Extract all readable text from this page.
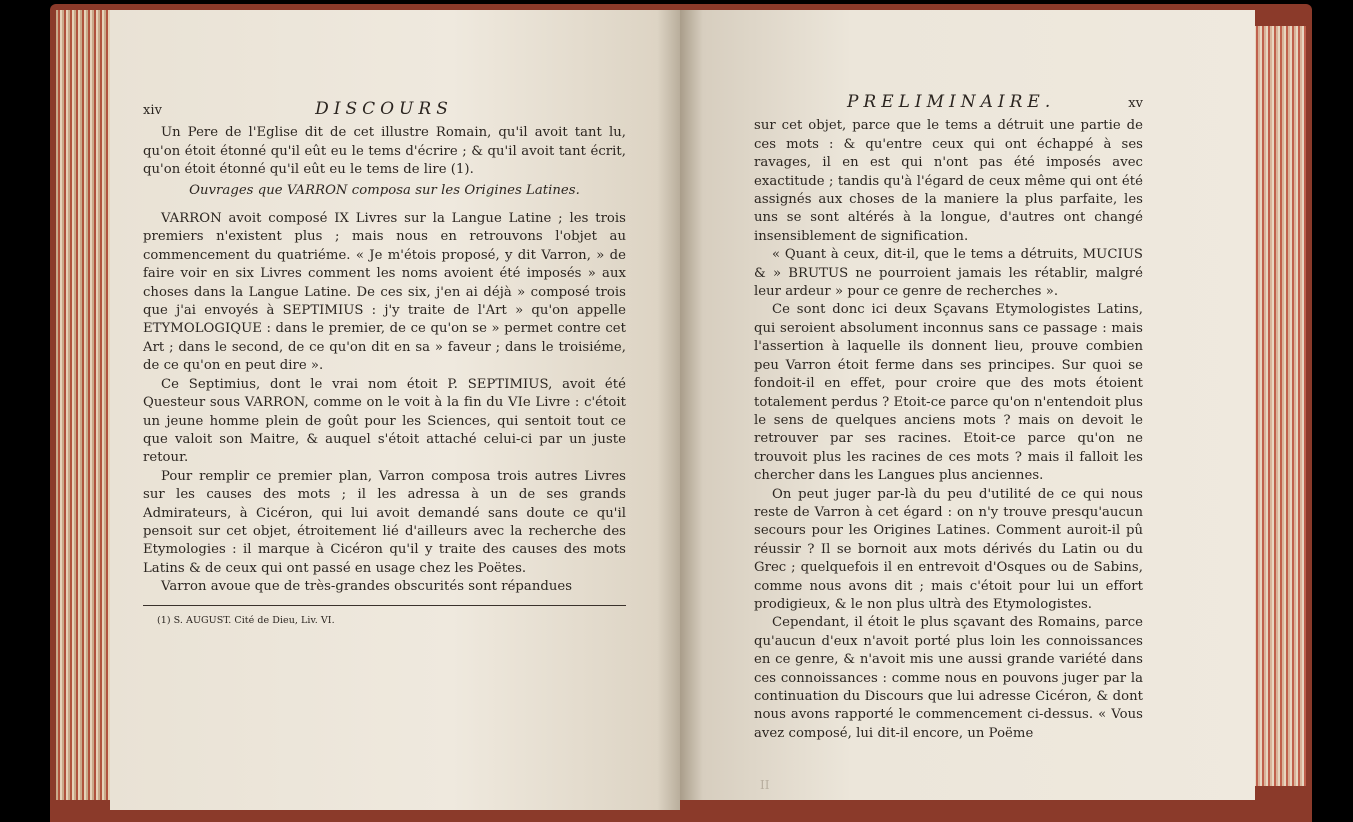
xiv	DISCOURS

Un Pere de l'Eglise dit de cet illustre Romain, qu'il avoit tant lu, qu'on étoit étonné qu'il eût eu le tems d'écrire ; & qu'il avoit tant écrit, qu'on étoit étonné qu'il eût eu le tems de lire (1).

Ouvrages que VARRON composa sur les Origines Latines.

VARRON avoit composé IX Livres sur la Langue Latine ; les trois premiers n'existent plus ; mais nous en retrouvons l'objet au commencement du quatriéme. « Je m'étois proposé, y dit Varron, » de faire voir en six Livres comment les noms avoient été imposés » aux choses dans la Langue Latine. De ces six, j'en ai déjà » composé trois que j'ai envoyés à SEPTIMIUS : j'y traite de l'Art » qu'on appelle ETYMOLOGIQUE : dans le premier, de ce qu'on se » permet contre cet Art ; dans le second, de ce qu'on dit en sa » faveur ; dans le troisiéme, de ce qu'on en peut dire ».

Ce Septimius, dont le vrai nom étoit P. SEPTIMIUS, avoit été Questeur sous VARRON, comme on le voit à la fin du VIe Livre : c'étoit un jeune homme plein de goût pour les Sciences, qui sentoit tout ce que valoit son Maitre, & auquel s'étoit attaché celui-ci par un juste retour.

Pour remplir ce premier plan, Varron composa trois autres Livres sur les causes des mots ; il les adressa à un de ses grands Admirateurs, à Cicéron, qui lui avoit demandé sans doute ce qu'il pensoit sur cet objet, étroitement lié d'ailleurs avec la recherche des Etymologies : il marque à Cicéron qu'il y traite des causes des mots Latins & de ceux qui ont passé en usage chez les Poëtes.

Varron avoue que de très-grandes obscurités sont répandues

(1) S. AUGUST. Cité de Dieu, Liv. VI.

PRELIMINAIRE.	xv

sur cet objet, parce que le tems a détruit une partie de ces mots : & qu'entre ceux qui ont échappé à ses ravages, il en est qui n'ont pas été imposés avec exactitude ; tandis qu'à l'égard de ceux même qui ont été assignés aux choses de la maniere la plus parfaite, les uns se sont altérés à la longue, d'autres ont changé insensiblement de signification.

« Quant à ceux, dit-il, que le tems a détruits, MUCIUS & » BRUTUS ne pourroient jamais les rétablir, malgré leur ardeur » pour ce genre de recherches ».

Ce sont donc ici deux Sçavans Etymologistes Latins, qui seroient absolument inconnus sans ce passage : mais l'assertion à laquelle ils donnent lieu, prouve combien peu Varron étoit ferme dans ses principes. Sur quoi se fondoit-il en effet, pour croire que des mots étoient totalement perdus ? Etoit-ce parce qu'on n'entendoit plus le sens de quelques anciens mots ? mais on devoit le retrouver par ses racines. Etoit-ce parce qu'on ne trouvoit plus les racines de ces mots ? mais il falloit les chercher dans les Langues plus anciennes.

On peut juger par-là du peu d'utilité de ce qui nous reste de Varron à cet égard : on n'y trouve presqu'aucun secours pour les Origines Latines. Comment auroit-il pû réussir ? Il se bornoit aux mots dérivés du Latin ou du Grec ; quelquefois il en entrevoit d'Osques ou de Sabins, comme nous avons dit ; mais c'étoit pour lui un effort prodigieux, & le non plus ultrà des Etymologistes.

Cependant, il étoit le plus sçavant des Romains, parce qu'aucun d'eux n'avoit porté plus loin les connoissances en ce genre, & n'avoit mis une aussi grande variété dans ces connoissances : comme nous en pouvons juger par la continuation du Discours que lui adresse Cicéron, & dont nous avons rapporté le commencement ci-dessus. « Vous avez composé, lui dit-il encore, un Poëme

II
